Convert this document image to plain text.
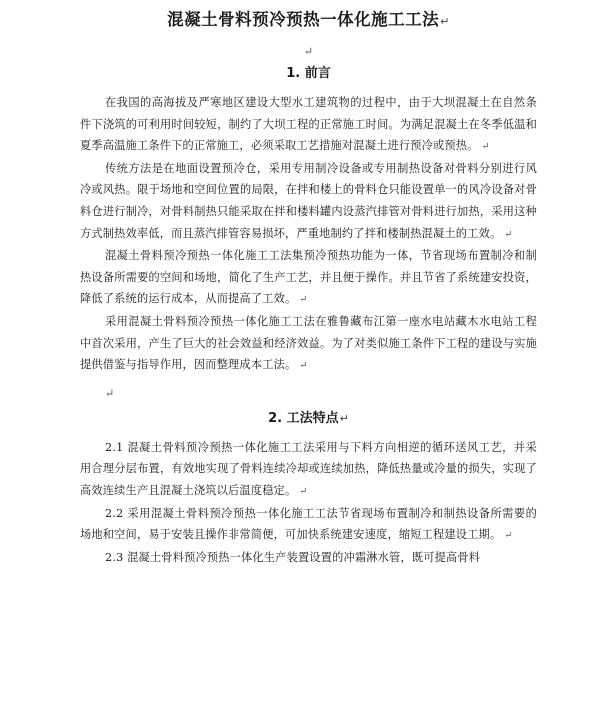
混凝土骨料预冷预热一体化施工工法↵
↵
1. 前言

在我国的高海拔及严寒地区建设大型水工建筑物的过程中，由于大坝混凝土在自然条件下浇筑的可利用时间较短，制约了大坝工程的正常施工时间。为满足混凝土在冬季低温和夏季高温施工条件下的正常施工，必须采取工艺措施对混凝土进行预冷或预热。 ↵

传统方法是在地面设置预冷仓，采用专用制冷设备或专用制热设备对骨料分别进行风冷或风热。限于场地和空间位置的局限，在拌和楼上的骨料仓只能设置单一的风冷设备对骨料仓进行制冷，对骨料制热只能采取在拌和楼料罐内设蒸汽排管对骨料进行加热，采用这种方式制热效率低，而且蒸汽排管容易损坏，严重地制约了拌和楼制热混凝土的工效。 ↵

混凝土骨料预冷预热一体化施工工法集预冷预热功能为一体，节省现场布置制冷和制热设备所需要的空间和场地，简化了生产工艺，并且便于操作。并且节省了系统建安投资，降低了系统的运行成本，从而提高了工效。 ↵

采用混凝土骨料预冷预热一体化施工工法在雅鲁藏布江第一座水电站藏木水电站工程中首次采用，产生了巨大的社会效益和经济效益。为了对类似施工条件下工程的建设与实施提供借鉴与指导作用，因而整理成本工法。 ↵

↵
2. 工法特点↵

2.1 混凝土骨料预冷预热一体化施工工法采用与下料方向相逆的循环送风工艺，并采用合理分层布置，有效地实现了骨料连续冷却或连续加热，降低热量或冷量的损失，实现了高效连续生产且混凝土浇筑以后温度稳定。 ↵

2.2 采用混凝土骨料预冷预热一体化施工工法节省现场布置制冷和制热设备所需要的场地和空间，易于安装且操作非常简便，可加快系统建安速度，缩短工程建设工期。 ↵

2.3 混凝土骨料预冷预热一体化生产装置设置的冲霜淋水管，既可提高骨料
